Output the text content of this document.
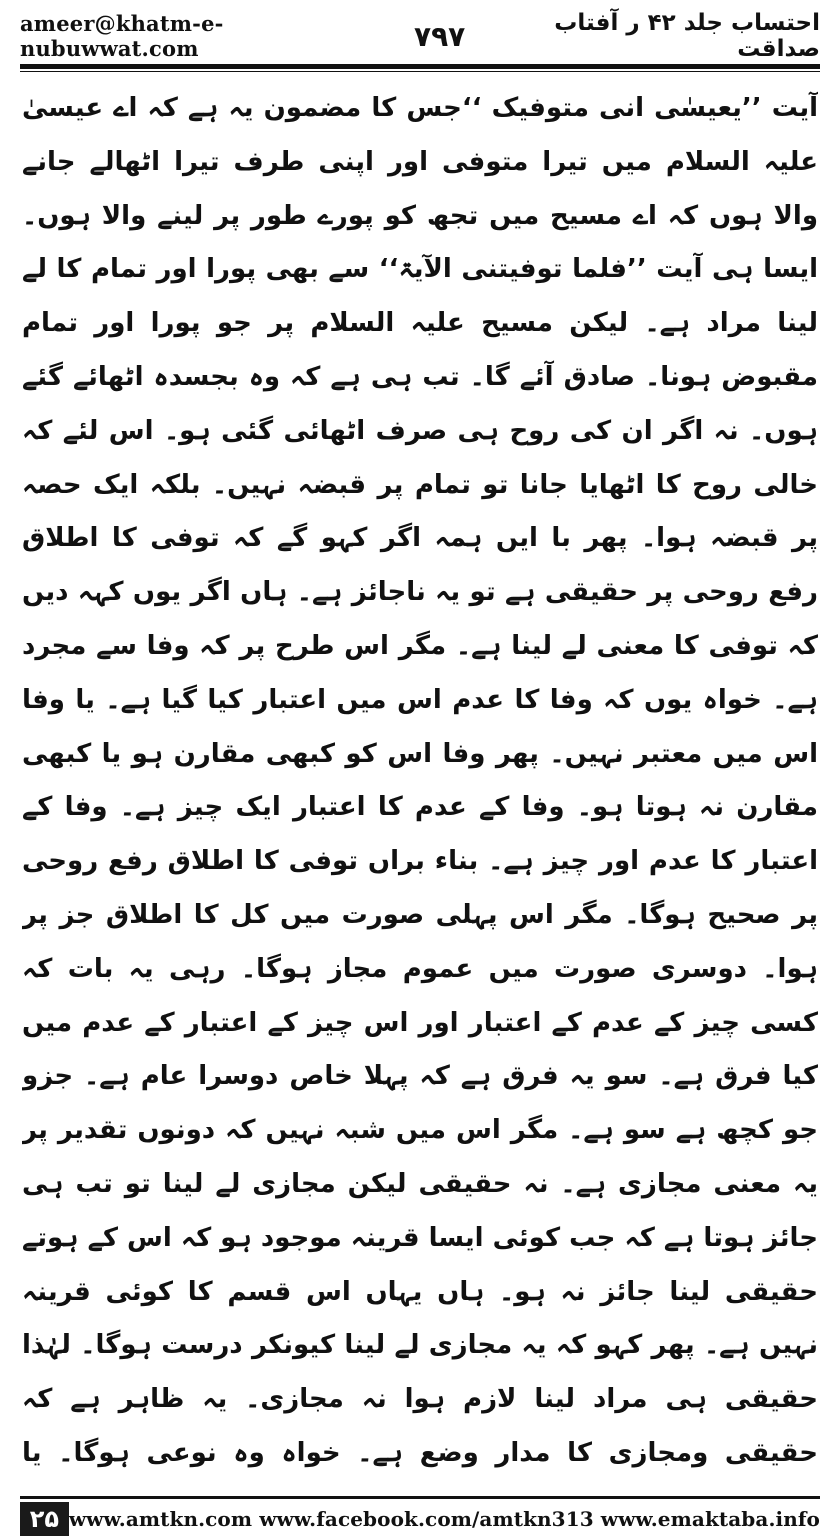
ameer@khatm-e-nubuwwat.com	۷۹۷	احتساب جلد ۴۲ ر آفتاب صداقت

آیت ’’یعیسٰی انی متوفیک ‘‘جس کا مضمون یہ ہے کہ اے عیسیٰ علیہ السلام میں تیرا متوفی اور اپنی طرف تیرا اٹھالے جانے والا ہوں کہ اے مسیح میں تجھ کو پورے طور پر لینے والا ہوں۔ ایسا ہی آیت ’’فلما توفیتنی الآیۃ‘‘ سے بھی پورا اور تمام کا لے لینا مراد ہے۔ لیکن مسیح علیہ السلام پر جو پورا اور تمام مقبوض ہونا۔ صادق آئے گا۔ تب ہی ہے کہ وہ بجسدہ اٹھائے گئے ہوں۔ نہ اگر ان کی روح ہی صرف اٹھائی گئی ہو۔ اس لئے کہ خالی روح کا اٹھایا جانا تو تمام پر قبضہ نہیں۔ بلکہ ایک حصہ پر قبضہ ہوا۔ پھر با ایں ہمہ اگر کہو گے کہ توفی کا اطلاق رفع روحی پر حقیقی ہے تو یہ ناجائز ہے۔ ہاں اگر یوں کہہ دیں کہ توفی کا معنی لے لینا ہے۔ مگر اس طرح پر کہ وفا سے مجرد ہے۔ خواہ یوں کہ وفا کا عدم اس میں اعتبار کیا گیا ہے۔ یا وفا اس میں معتبر نہیں۔ پھر وفا اس کو کبھی مقارن ہو یا کبھی مقارن نہ ہوتا ہو۔ وفا کے عدم کا اعتبار ایک چیز ہے۔ وفا کے اعتبار کا عدم اور چیز ہے۔ بناء براں توفی کا اطلاق رفع روحی پر صحیح ہوگا۔ مگر اس پہلی صورت میں کل کا اطلاق جز پر ہوا۔ دوسری صورت میں عموم مجاز ہوگا۔ رہی یہ بات کہ کسی چیز کے عدم کے اعتبار اور اس چیز کے اعتبار کے عدم میں کیا فرق ہے۔ سو یہ فرق ہے کہ پہلا خاص دوسرا عام ہے۔ جزو جو کچھ ہے سو ہے۔ مگر اس میں شبہ نہیں کہ دونوں تقدیر پر یہ معنی مجازی ہے۔ نہ حقیقی لیکن مجازی لے لینا تو تب ہی جائز ہوتا ہے کہ جب کوئی ایسا قرینہ موجود ہو کہ اس کے ہوتے حقیقی لینا جائز نہ ہو۔ ہاں یہاں اس قسم کا کوئی قرینہ نہیں ہے۔ پھر کہو کہ یہ مجازی لے لینا کیونکر درست ہوگا۔ لہٰذا حقیقی ہی مراد لینا لازم ہوا نہ مجازی۔ یہ ظاہر ہے کہ حقیقی ومجازی کا مدار وضع ہے۔ خواہ وہ نوعی ہوگا۔ یا

۲۵ www.amtkn.com www.facebook.com/amtkn313 www.emaktaba.info
